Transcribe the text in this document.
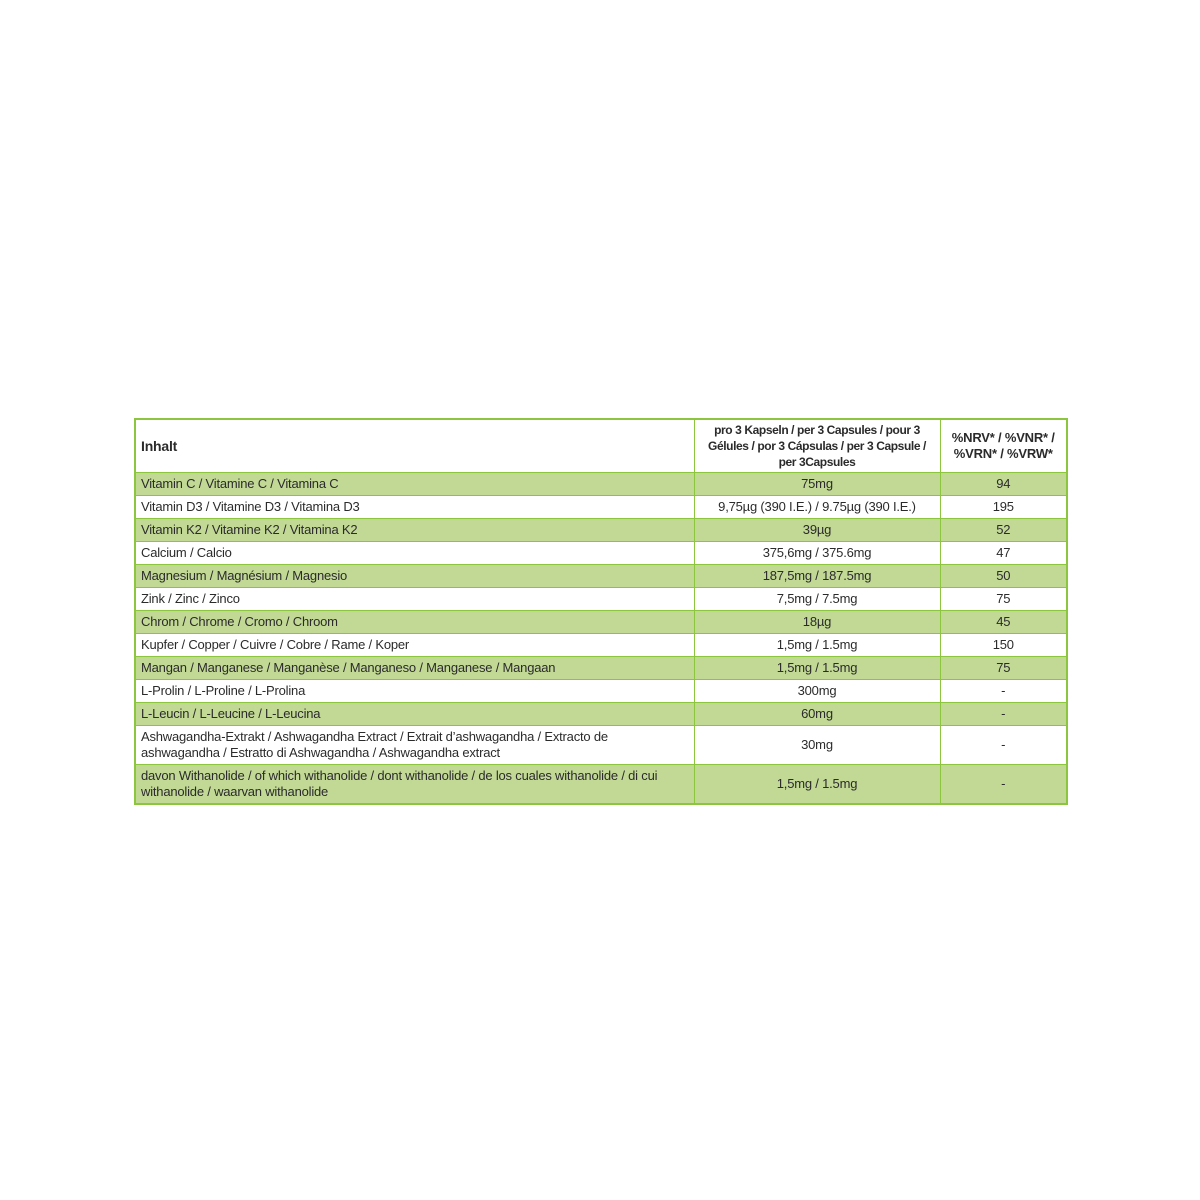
Inhalt	pro 3 Kapseln / per 3 Capsules / pour 3 Gélules / por 3 Cápsulas / per 3 Capsule / per 3Capsules	%NRV* / %VNR* / %VRN* / %VRW*
Vitamin C / Vitamine C / Vitamina C	75mg	94
Vitamin D3 / Vitamine D3 / Vitamina D3	9,75µg (390 I.E.) / 9.75µg (390 I.E.)	195
Vitamin K2 / Vitamine K2 / Vitamina K2	39µg	52
Calcium / Calcio	375,6mg / 375.6mg	47
Magnesium / Magnésium / Magnesio	187,5mg / 187.5mg	50
Zink / Zinc / Zinco	7,5mg / 7.5mg	75
Chrom / Chrome / Cromo / Chroom	18µg	45
Kupfer / Copper / Cuivre / Cobre / Rame / Koper	1,5mg / 1.5mg	150
Mangan / Manganese / Manganèse / Manganeso / Manganese / Mangaan	1,5mg / 1.5mg	75
L-Prolin / L-Proline / L-Prolina	300mg	-
L-Leucin / L-Leucine / L-Leucina	60mg	-
Ashwagandha-Extrakt / Ashwagandha Extract / Extrait d’ashwagandha / Extracto de ashwagandha / Estratto di Ashwagandha / Ashwagandha extract	30mg	-
davon Withanolide / of which withanolide / dont withanolide / de los cuales withanolide / di cui withanolide / waarvan withanolide	1,5mg / 1.5mg	-
